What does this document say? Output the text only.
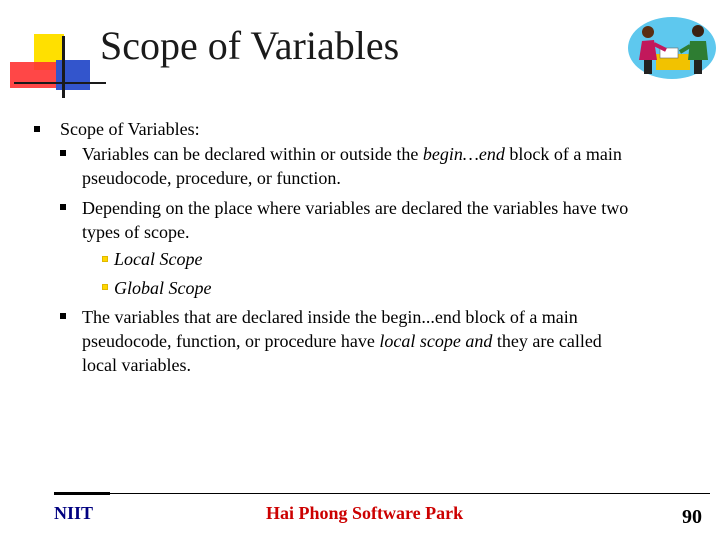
Scope of Variables
Scope of Variables:
Variables can be declared within or outside the begin…end block of a main
pseudocode, procedure, or function.
Depending on the place where variables are declared the variables have two
types of scope.
Local Scope
Global Scope
The variables that are declared inside the begin...end block of a main
pseudocode, function, or procedure have local scope and they are called
local variables.
NIIT	Hai Phong Software Park	90
